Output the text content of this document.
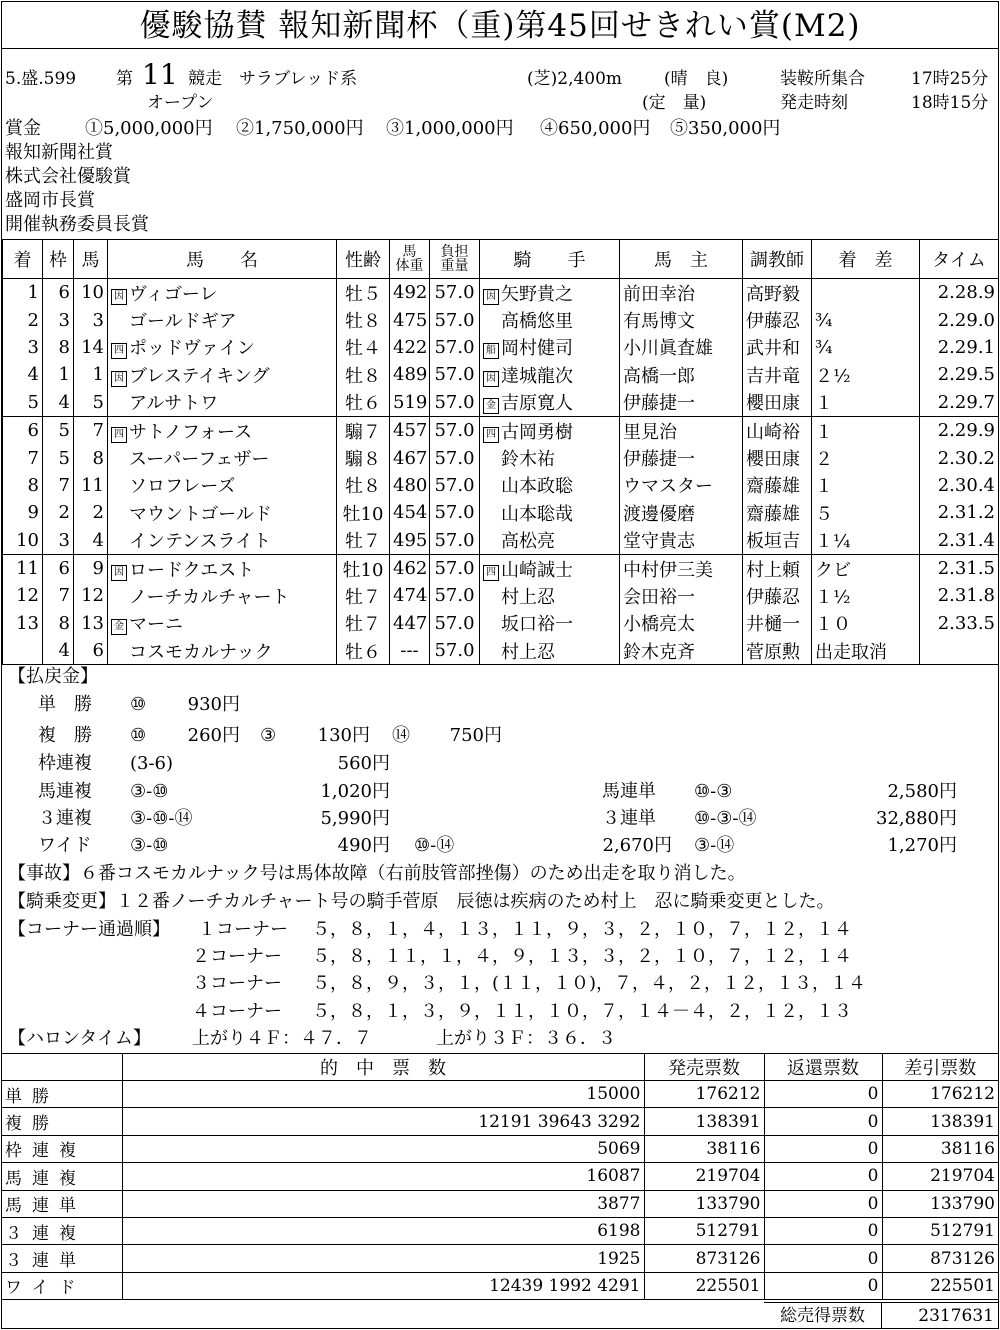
優駿協賛 報知新聞杯（重)第45回せきれい賞(M2)
5.盛.599 第 11 競走 サラブレッド系	(芝)2,400m (晴　良)	装鞍所集合	17時25分
オープン	(定　量)	発走時刻	18時15分
賞金 ①5,000,000円 ②1,750,000円 ③1,000,000円 ④650,000円 ⑤350,000円
報知新聞社賞
株式会社優駿賞
盛岡市長賞
開催執務委員長賞
着	枠	馬	馬　　名	性齢	馬
体重	負担
重量	騎　　手	馬　主	調教師	着　差	タイム
1	6	10	因 ヴィゴーレ	牡５	492	57.0	因 矢野貴之	前田幸治	高野毅		2.28.9
2	3	3	ゴールドギア	牡８	475	57.0	高橋悠里	有馬博文	伊藤忍	¾	2.29.0
3	8	14	四 ポッドヴァイン	牡４	422	57.0	船 岡村健司	小川眞査雄	武井和	¾	2.29.1
4	1	1	因 ブレステイキング	牡８	489	57.0	因 達城龍次	高橋一郎	吉井竜	２½	2.29.5
5	4	5	アルサトワ	牡６	519	57.0	金 吉原寛人	伊藤捷一	櫻田康	１	2.29.7
6	5	7	四 サトノフォース	騸７	457	57.0	四 古岡勇樹	里見治	山崎裕	１	2.29.9
7	5	8	スーパーフェザー	騸８	467	57.0	鈴木祐	伊藤捷一	櫻田康	２	2.30.2
8	7	11	ソロフレーズ	牡８	480	57.0	山本政聡	ウマスター	齋藤雄	１	2.30.4
9	2	2	マウントゴールド	牡10	454	57.0	山本聡哉	渡邊優磨	齋藤雄	５	2.31.2
10	3	4	インテンスライト	牡７	495	57.0	高松亮	堂守貴志	板垣吉	１¼	2.31.4
11	6	9	因 ロードクエスト	牡10	462	57.0	四 山崎誠士	中村伊三美	村上頼	クビ	2.31.5
12	7	12	ノーチカルチャート	牡７	474	57.0	村上忍	会田裕一	伊藤忍	１½	2.31.8
13	8	13	金 マーニ	牡７	447	57.0	坂口裕一	小橋亮太	井樋一	１０	2.33.5
	4	6	コスモカルナック	牡６	---	57.0	村上忍	鈴木克斉	菅原勲	出走取消	
【払戻金】
単　勝 ⑩	930円
複　勝 ⑩	260円 ③	130円 ⑭	750円
枠連複 (3-6)	560円
馬連複 ③-⑩	1,020円	馬連単 ⑩-③	2,580円
３連複 ③-⑩-⑭	5,990円	３連単 ⑩-③-⑭	32,880円
ワイド ③-⑩	490円 ⑩-⑭	2,670円 ③-⑭	1,270円
【事故】６番コスモカルナック号は馬体故障（右前肢管部挫傷）のため出走を取り消した。
【騎乗変更】１２番ノーチカルチャート号の騎手菅原　辰徳は疾病のため村上　忍に騎乗変更とした。
【コーナー通過順】 １コーナー ５，８，１，４，１３，１１，９，３，２，１０，７，１２，１４
２コーナー ５，８，１１，１，４，９，１３，３，２，１０，７，１２，１４
３コーナー ５，８，９，３，１，(１１，１０)，７，４，２，１２，１３，１４
４コーナー ５，８，１，３，９，１１，１０，７，１４－４，２，１２，１３
【ハロンタイム】 上がり４Ｆ：４７．７	上がり３Ｆ：３６．３
	的　中　票　数	発売票数	返還票数	差引票数
単勝	15000	176212	0	176212
複勝	12191 39643 3292	138391	0	138391
枠連複	5069	38116	0	38116
馬連複	16087	219704	0	219704
馬連単	3877	133790	0	133790
３連複	6198	512791	0	512791
３連単	1925	873126	0	873126
ワイド	12439 1992 4291	225501	0	225501
総売得票数	2317631
